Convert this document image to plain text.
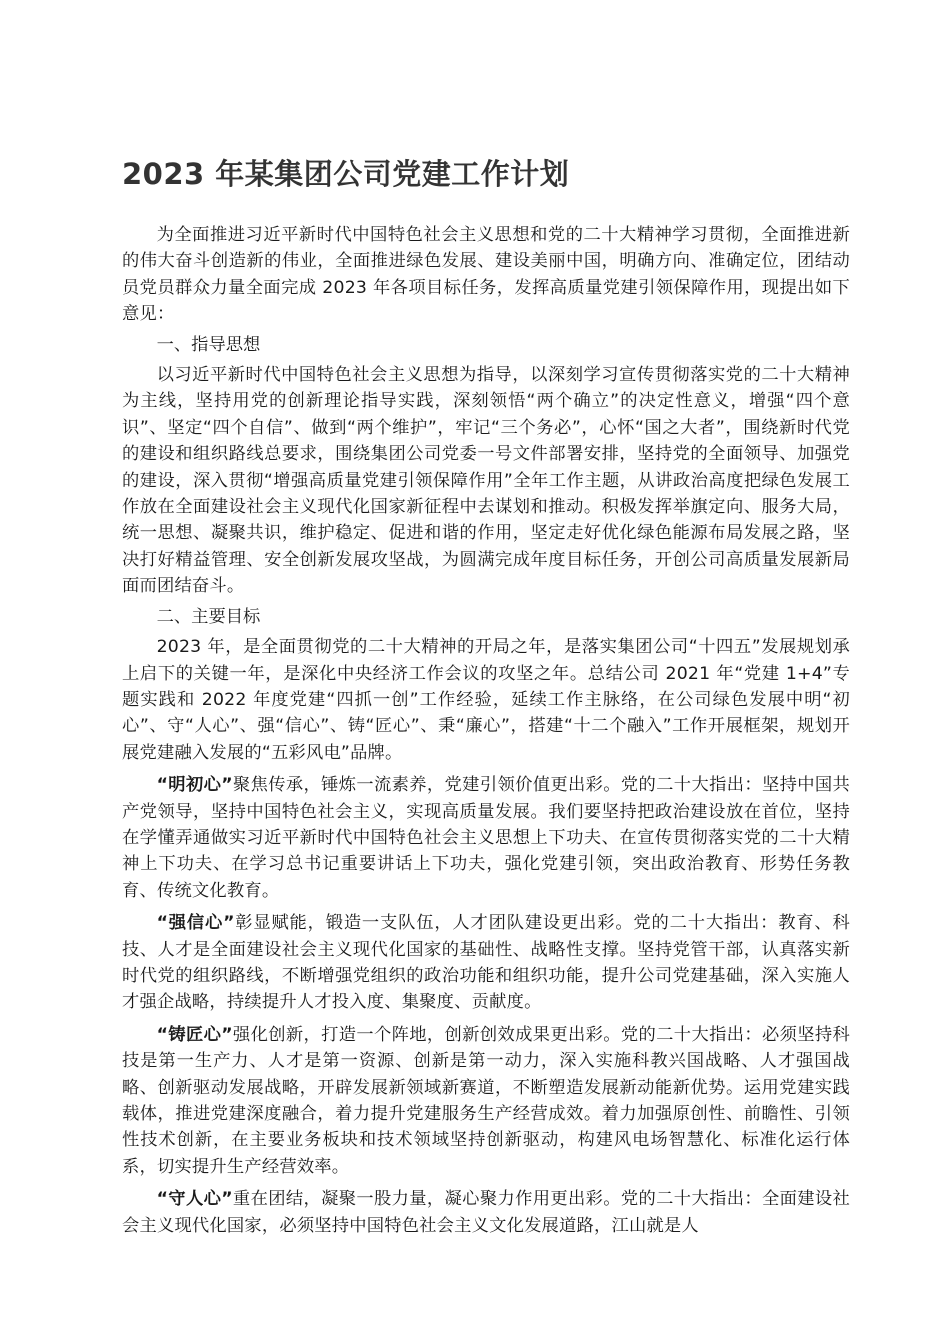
2023 年某集团公司党建工作计划

为全面推进习近平新时代中国特色社会主义思想和党的二十大精神学习贯彻，全面推进新的伟大奋斗创造新的伟业，全面推进绿色发展、建设美丽中国，明确方向、准确定位，团结动员党员群众力量全面完成 2023 年各项目标任务，发挥高质量党建引领保障作用，现提出如下意见：

一、指导思想

以习近平新时代中国特色社会主义思想为指导，以深刻学习宣传贯彻落实党的二十大精神为主线，坚持用党的创新理论指导实践，深刻领悟“两个确立”的决定性意义，增强“四个意识”、坚定“四个自信”、做到“两个维护”，牢记“三个务必”，心怀“国之大者”，围绕新时代党的建设和组织路线总要求，围绕集团公司党委一号文件部署安排，坚持党的全面领导、加强党的建设，深入贯彻“增强高质量党建引领保障作用”全年工作主题，从讲政治高度把绿色发展工作放在全面建设社会主义现代化国家新征程中去谋划和推动。积极发挥举旗定向、服务大局，统一思想、凝聚共识，维护稳定、促进和谐的作用，坚定走好优化绿色能源布局发展之路，坚决打好精益管理、安全创新发展攻坚战，为圆满完成年度目标任务，开创公司高质量发展新局面而团结奋斗。

二、主要目标

2023 年，是全面贯彻党的二十大精神的开局之年，是落实集团公司“十四五”发展规划承上启下的关键一年，是深化中央经济工作会议的攻坚之年。总结公司 2021 年“党建 1+4”专题实践和 2022 年度党建“四抓一创”工作经验，延续工作主脉络，在公司绿色发展中明“初心”、守“人心”、强“信心”、铸“匠心”、秉“廉心”，搭建“十二个融入”工作开展框架，规划开展党建融入发展的“五彩风电”品牌。

“明初心”聚焦传承，锤炼一流素养，党建引领价值更出彩。党的二十大指出：坚持中国共产党领导，坚持中国特色社会主义，实现高质量发展。我们要坚持把政治建设放在首位，坚持在学懂弄通做实习近平新时代中国特色社会主义思想上下功夫、在宣传贯彻落实党的二十大精神上下功夫、在学习总书记重要讲话上下功夫，强化党建引领，突出政治教育、形势任务教育、传统文化教育。

“强信心”彰显赋能，锻造一支队伍，人才团队建设更出彩。党的二十大指出：教育、科技、人才是全面建设社会主义现代化国家的基础性、战略性支撑。坚持党管干部，认真落实新时代党的组织路线，不断增强党组织的政治功能和组织功能，提升公司党建基础，深入实施人才强企战略，持续提升人才投入度、集聚度、贡献度。

“铸匠心”强化创新，打造一个阵地，创新创效成果更出彩。党的二十大指出：必须坚持科技是第一生产力、人才是第一资源、创新是第一动力，深入实施科教兴国战略、人才强国战略、创新驱动发展战略，开辟发展新领域新赛道，不断塑造发展新动能新优势。运用党建实践载体，推进党建深度融合，着力提升党建服务生产经营成效。着力加强原创性、前瞻性、引领性技术创新，在主要业务板块和技术领域坚持创新驱动，构建风电场智慧化、标准化运行体系，切实提升生产经营效率。

“守人心”重在团结，凝聚一股力量，凝心聚力作用更出彩。党的二十大指出：全面建设社会主义现代化国家，必须坚持中国特色社会主义文化发展道路，江山就是人
